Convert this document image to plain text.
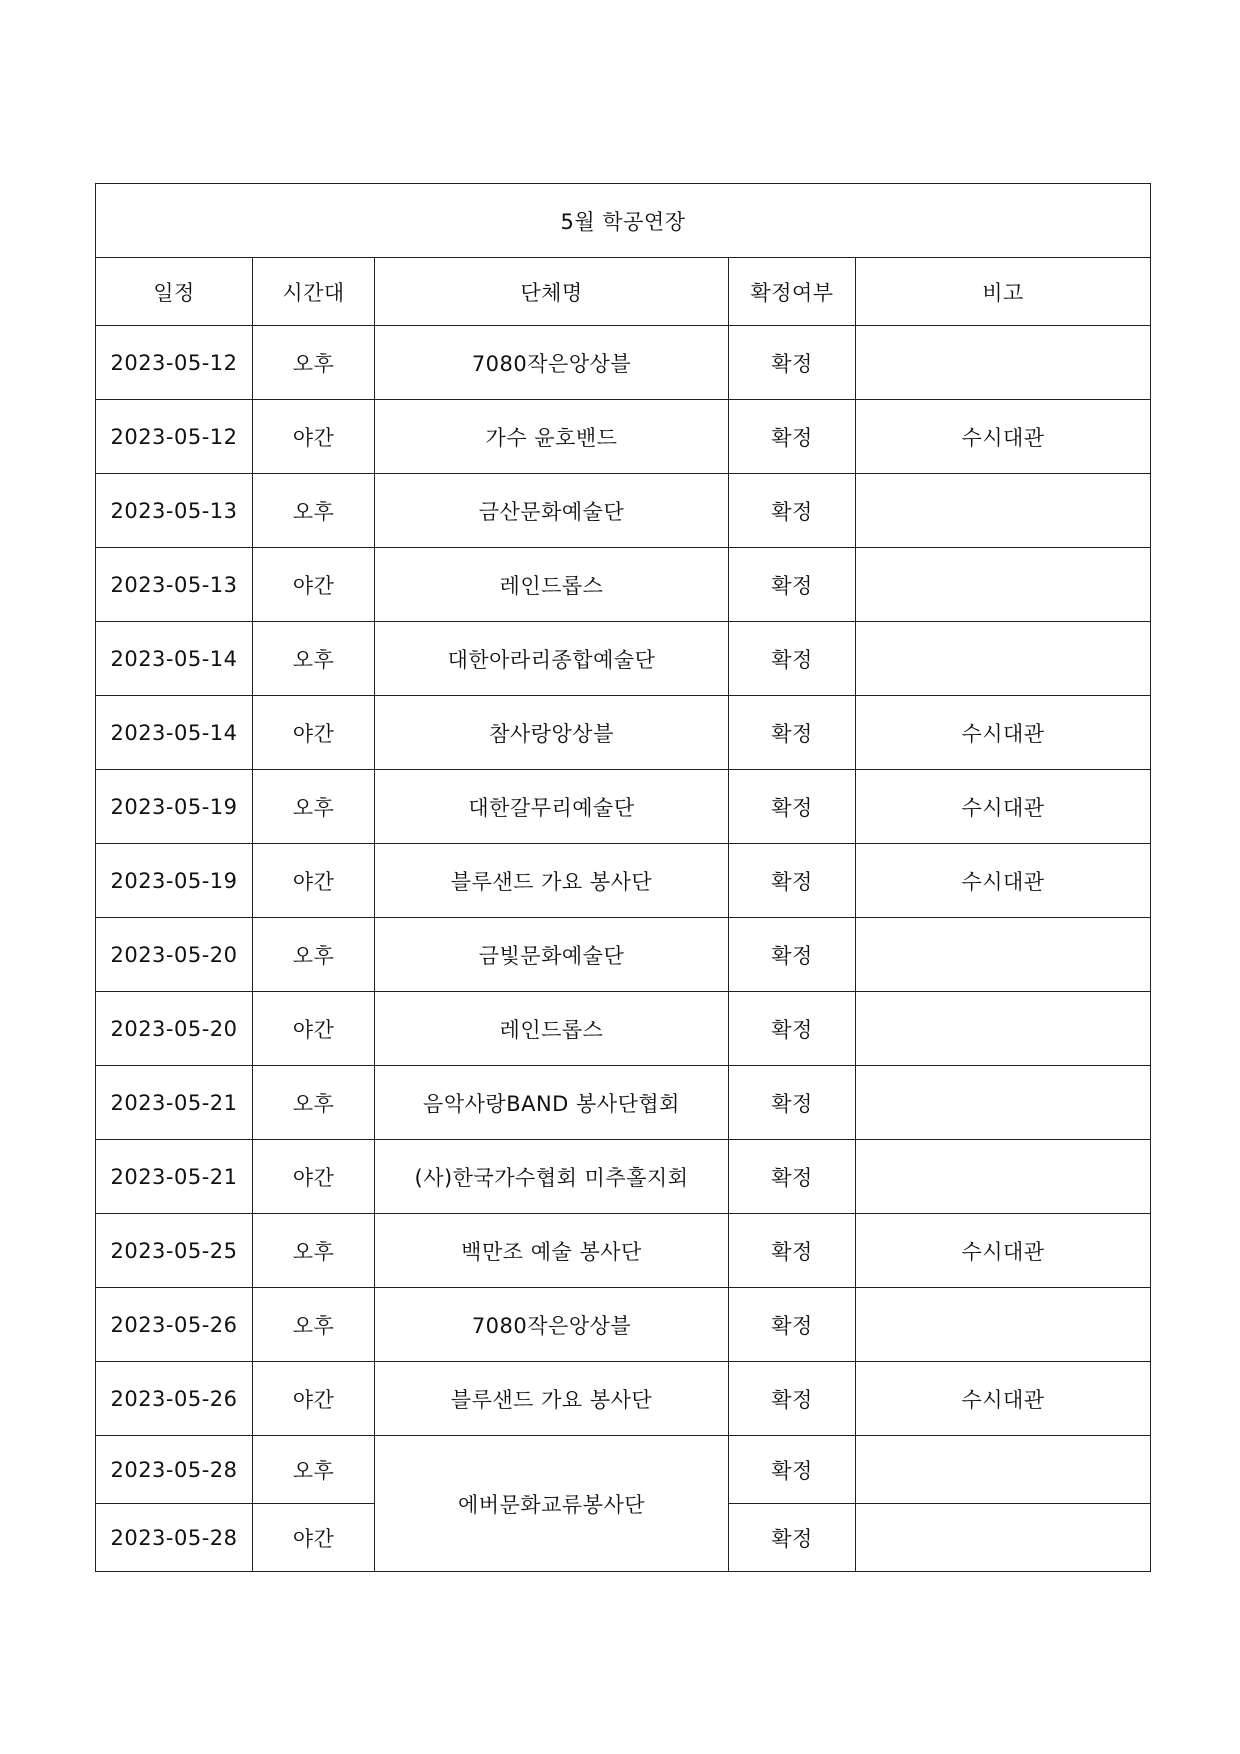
5월 학공연장				
일정	시간대	단체명	확정여부	비고
2023-05-12	오후	7080작은앙상블	확정	
2023-05-12	야간	가수 윤호밴드	확정	수시대관
2023-05-13	오후	금산문화예술단	확정	
2023-05-13	야간	레인드롭스	확정	
2023-05-14	오후	대한아라리종합예술단	확정	
2023-05-14	야간	참사랑앙상블	확정	수시대관
2023-05-19	오후	대한갈무리예술단	확정	수시대관
2023-05-19	야간	블루샌드 가요 봉사단	확정	수시대관
2023-05-20	오후	금빛문화예술단	확정	
2023-05-20	야간	레인드롭스	확정	
2023-05-21	오후	음악사랑BAND 봉사단협회	확정	
2023-05-21	야간	(사)한국가수협회 미추홀지회	확정	
2023-05-25	오후	백만조 예술 봉사단	확정	수시대관
2023-05-26	오후	7080작은앙상블	확정	
2023-05-26	야간	블루샌드 가요 봉사단	확정	수시대관
2023-05-28	오후	에버문화교류봉사단	확정	
2023-05-28	야간		확정	
